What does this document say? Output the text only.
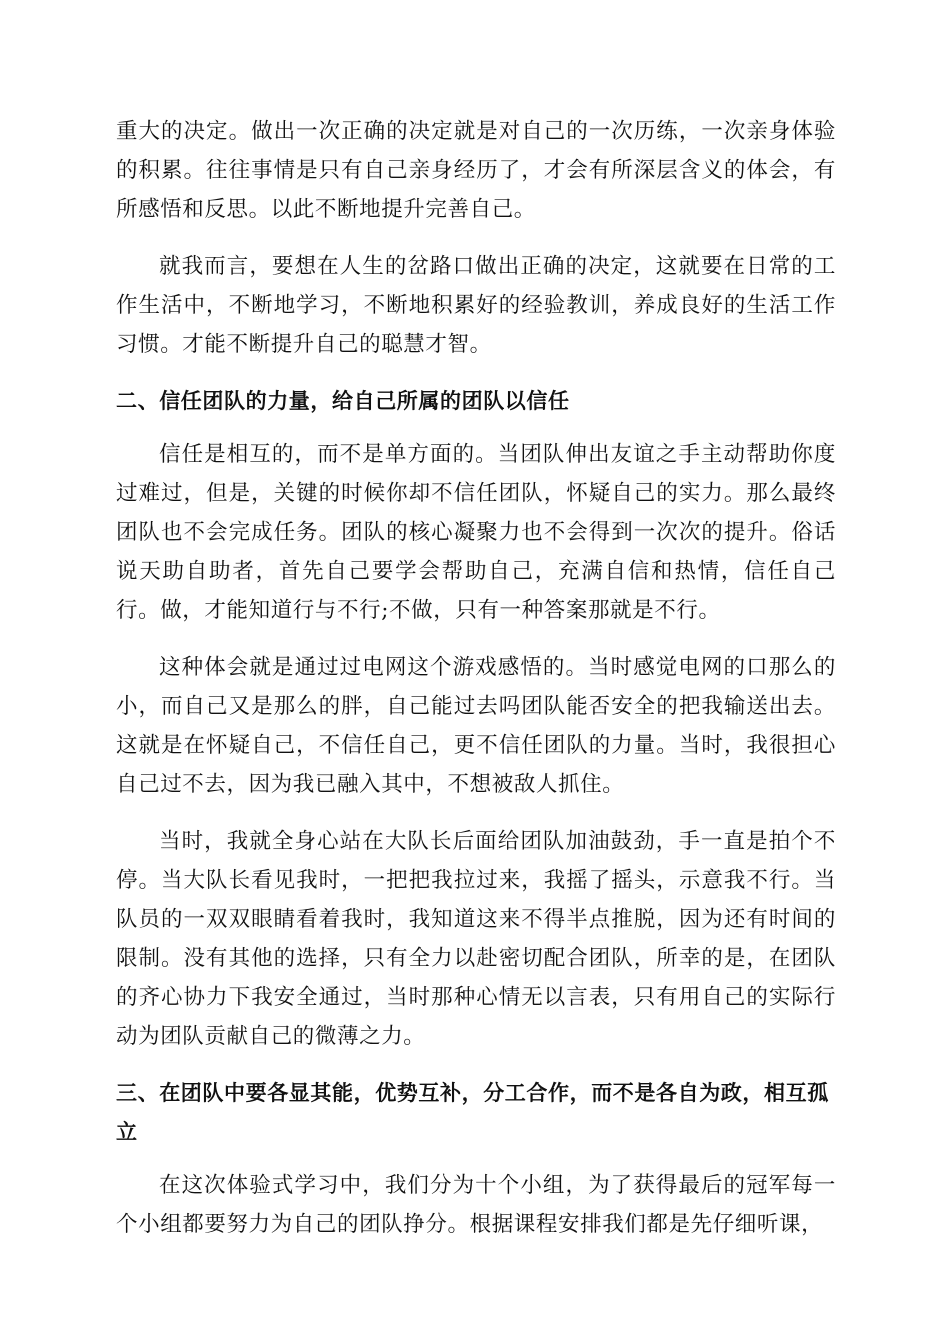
重大的决定。做出一次正确的决定就是对自己的一次历练，一次亲身体验的积累。往往事情是只有自己亲身经历了，才会有所深层含义的体会，有所感悟和反思。以此不断地提升完善自己。

就我而言，要想在人生的岔路口做出正确的决定，这就要在日常的工作生活中，不断地学习，不断地积累好的经验教训，养成良好的生活工作习惯。才能不断提升自己的聪慧才智。

二、信任团队的力量，给自己所属的团队以信任

信任是相互的，而不是单方面的。当团队伸出友谊之手主动帮助你度过难过，但是，关键的时候你却不信任团队，怀疑自己的实力。那么最终团队也不会完成任务。团队的核心凝聚力也不会得到一次次的提升。俗话说天助自助者，首先自己要学会帮助自己，充满自信和热情，信任自己行。做，才能知道行与不行;不做，只有一种答案那就是不行。

这种体会就是通过过电网这个游戏感悟的。当时感觉电网的口那么的小，而自己又是那么的胖，自己能过去吗团队能否安全的把我输送出去。这就是在怀疑自己，不信任自己，更不信任团队的力量。当时，我很担心自己过不去，因为我已融入其中，不想被敌人抓住。

当时，我就全身心站在大队长后面给团队加油鼓劲，手一直是拍个不停。当大队长看见我时，一把把我拉过来，我摇了摇头，示意我不行。当队员的一双双眼睛看着我时，我知道这来不得半点推脱，因为还有时间的限制。没有其他的选择，只有全力以赴密切配合团队，所幸的是，在团队的齐心协力下我安全通过，当时那种心情无以言表，只有用自己的实际行动为团队贡献自己的微薄之力。

三、在团队中要各显其能，优势互补，分工合作，而不是各自为政，相互孤立

在这次体验式学习中，我们分为十个小组，为了获得最后的冠军每一个小组都要努力为自己的团队挣分。根据课程安排我们都是先仔细听课，
